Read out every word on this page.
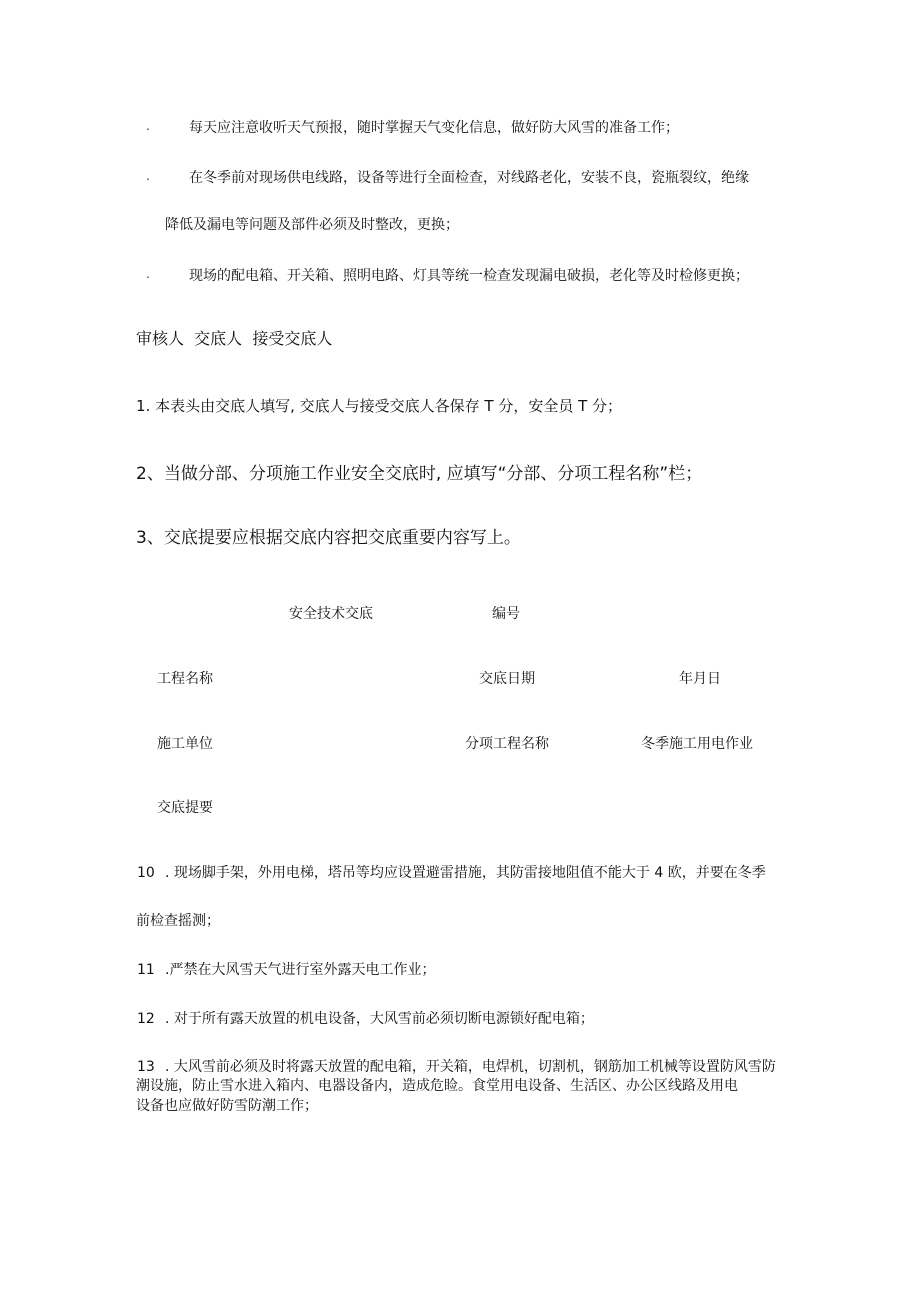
.	每天应注意收听天气预报，随时掌握天气变化信息，做好防大风雪的准备工作；
.	在冬季前对现场供电线路，设备等进行全面检查，对线路老化，安装不良，瓷瓶裂纹，绝缘
降低及漏电等问题及部件必须及时整改，更换；
.	现场的配电箱、开关箱、照明电路、灯具等统一检查发现漏电破损，老化等及时检修更换；
审核人  交底人  接受交底人
1. 本表头由交底人填写, 交底人与接受交底人各保存 T 分，安全员 T 分；
2、当做分部、分项施工作业安全交底时, 应填写“分部、分项工程名称”栏；
3、交底提要应根据交底内容把交底重要内容写上。
安全技术交底	编号
工程名称	交底日期	年月日
施工单位	分项工程名称	冬季施工用电作业
交底提要
10 . 现场脚手架，外用电梯，塔吊等均应设置避雷措施，其防雷接地阻值不能大于 4 欧，并要在冬季
前检查摇测；
11 .严禁在大风雪天气进行室外露天电工作业；
12 . 对于所有露天放置的机电设备，大风雪前必须切断电源锁好配电箱；
13 . 大风雪前必须及时将露天放置的配电箱，开关箱，电焊机，切割机，钢筋加工机械等设置防风雪防
潮设施，防止雪水进入箱内、电器设备内，造成危睑。食堂用电设备、生活区、办公区线路及用电
设备也应做好防雪防潮工作；
